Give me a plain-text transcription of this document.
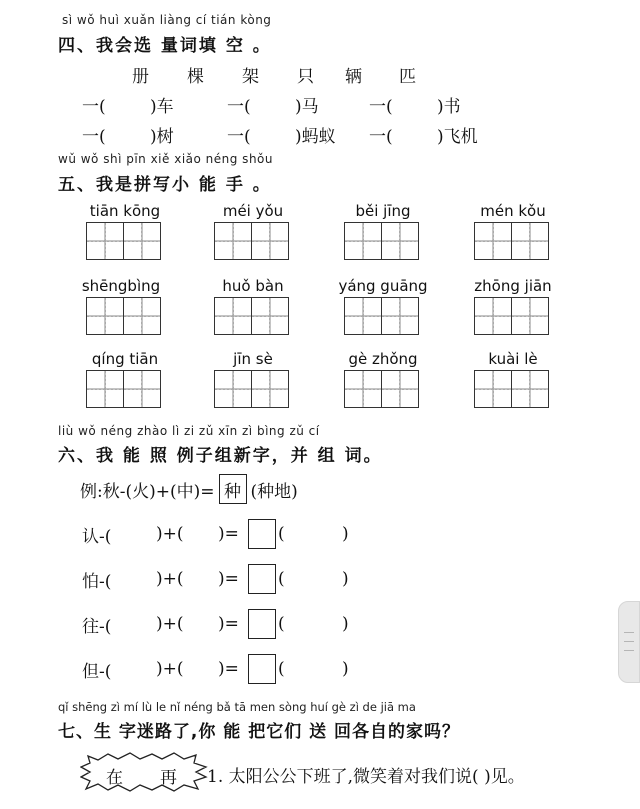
sì wǒ huì xuǎn liàng cí tián kòng
四、我会选 量词填 空 。
册 棵 架 只 辆 匹
一(	)车	一(	)马	一(	)书
一(	)树	一(	)蚂蚁 一(	)飞机
wǔ wǒ shì pīn xiě xiǎo néng shǒu
五、我是拼写小 能 手 。
tiān kōng	méi yǒu	běi jīng	mén kǒu
shēngbìng	huǒ bàn	yáng guāng	zhōng jiān
qíng tiān	jīn sè	gè zhǒng	kuài lè
liù wǒ néng zhào lì zi zǔ xīn zì bìng zǔ cí
六、我 能 照 例子组新字，并 组 词。
例:秋-(火)+(中)= 种 (种地)
认-(	)+(	)=	(	)
怕-(	)+(	)=	(	)
往-(	)+(	)=	(	)
但-(	)+(	)=	(	)
qǐ shēng zì mí lù le nǐ néng bǎ tā men sòng huí gè zì de jiā ma
七、生 字迷路了,你 能 把它们 送 回各自的家吗？
在 再 1. 太阳公公下班了,微笑着对我们说( )见。
